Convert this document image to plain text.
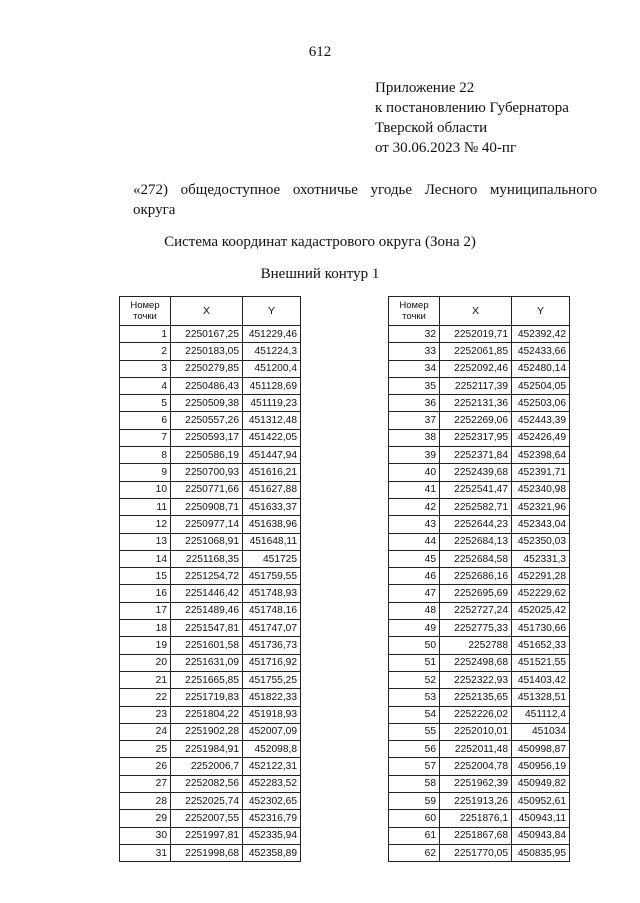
612
Приложение 22
к постановлению Губернатора
Тверской области
от 30.06.2023 № 40-пг
«272) общедоступное охотничье угодье Лесного муниципального
округа
Система координат кадастрового округа (Зона 2)
Внешний контур 1
Номер
точки	X	Y
1	2250167,25	451229,46
2	2250183,05	451224,3
3	2250279,85	451200,4
4	2250486,43	451128,69
5	2250509,38	451119,23
6	2250557,26	451312,48
7	2250593,17	451422,05
8	2250586,19	451447,94
9	2250700,93	451616,21
10	2250771,66	451627,88
11	2250908,71	451633,37
12	2250977,14	451638,96
13	2251068,91	451648,11
14	2251168,35	451725
15	2251254,72	451759,55
16	2251446,42	451748,93
17	2251489,46	451748,16
18	2251547,81	451747,07
19	2251601,58	451736,73
20	2251631,09	451716,92
21	2251665,85	451755,25
22	2251719,83	451822,33
23	2251804,22	451918,93
24	2251902,28	452007,09
25	2251984,91	452098,8
26	2252006,7	452122,31
27	2252082,56	452283,52
28	2252025,74	452302,65
29	2252007,55	452316,79
30	2251997,81	452335,94
31	2251998,68	452358,89
Номер
точки	X	Y
32	2252019,71	452392,42
33	2252061,85	452433,66
34	2252092,46	452480,14
35	2252117,39	452504,05
36	2252131,36	452503,06
37	2252269,06	452443,39
38	2252317,95	452426,49
39	2252371,84	452398,64
40	2252439,68	452391,71
41	2252541,47	452340,98
42	2252582,71	452321,96
43	2252644,23	452343,04
44	2252684,13	452350,03
45	2252684,58	452331,3
46	2252686,16	452291,28
47	2252695,69	452229,62
48	2252727,24	452025,42
49	2252775,33	451730,66
50	2252788	451652,33
51	2252498,68	451521,55
52	2252322,93	451403,42
53	2252135,65	451328,51
54	2252226,02	451112,4
55	2252010,01	451034
56	2252011,48	450998,87
57	2252004,78	450956,19
58	2251962,39	450949,82
59	2251913,26	450952,61
60	2251876,1	450943,11
61	2251867,68	450943,84
62	2251770,05	450835,95
